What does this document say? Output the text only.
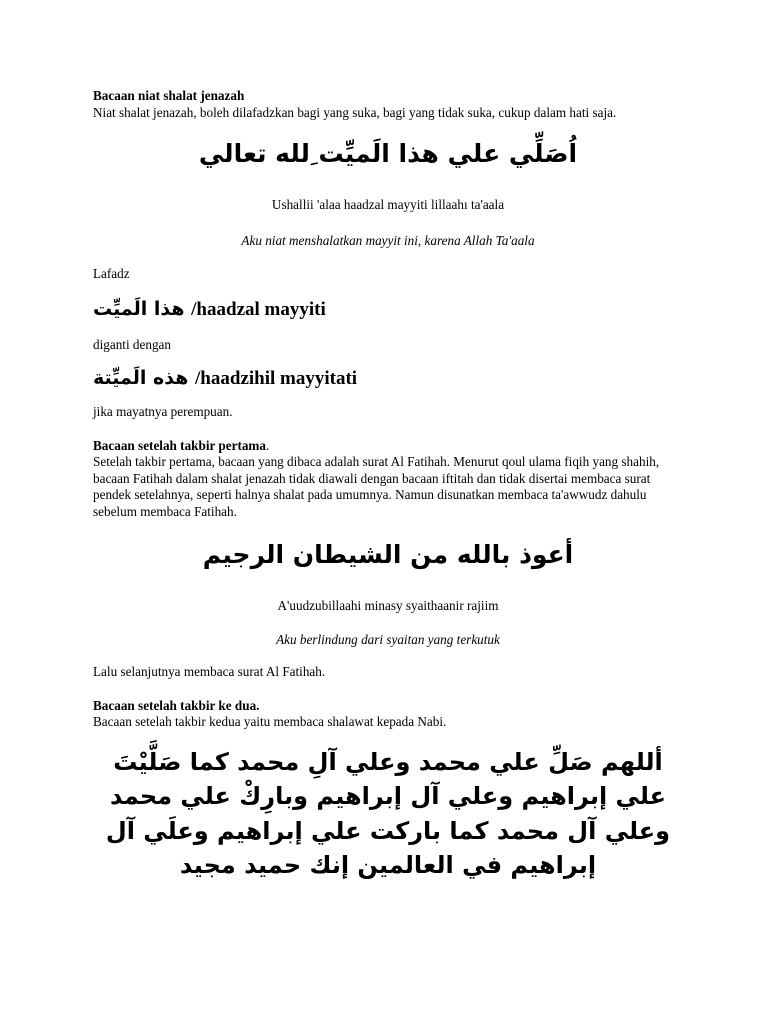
Bacaan niat shalat jenazah

Niat shalat jenazah, boleh dilafadzkan bagi yang suka, bagi yang tidak suka, cukup dalam hati saja.

اُصَلِّي علي هذا الَميِّت ِلله تعالي

Ushallii 'alaa haadzal mayyiti lillaahı ta'aala

Aku niat menshalatkan mayyit ini, karena Allah Ta'aala

Lafadz

هذا الَميِّت /haadzal mayyiti

diganti dengan

هذه الَميِّتة /haadzihil mayyitati

jika mayatnya perempuan.

Bacaan setelah takbir pertama.

Setelah takbir pertama, bacaan yang dibaca adalah surat Al Fatihah. Menurut qoul ulama fiqih yang shahih, bacaan Fatihah dalam shalat jenazah tidak diawali dengan bacaan iftitah dan tidak disertai membaca surat pendek setelahnya, seperti halnya shalat pada umumnya. Namun disunatkan membaca ta'awwudz dahulu sebelum membaca Fatihah.

أعوذ بالله من الشيطان الرجيم

A'uudzubillaahi minasy syaithaanir rajiim

Aku berlindung dari syaitan yang terkutuk

Lalu selanjutnya membaca surat Al Fatihah.

Bacaan setelah takbir ke dua.

Bacaan setelah takbir kedua yaitu membaca shalawat kepada Nabi.

أللهم صَلِّ علي محمد وعلي آلِ محمد كما صَلَّيْتَ علي إبراهيم وعلي آل إبراهيم وبارِكْ علي محمد وعلي آل محمد كما باركت علي إبراهيم وعلَي آل إبراهيم في العالمين إنك حميد مجيد
